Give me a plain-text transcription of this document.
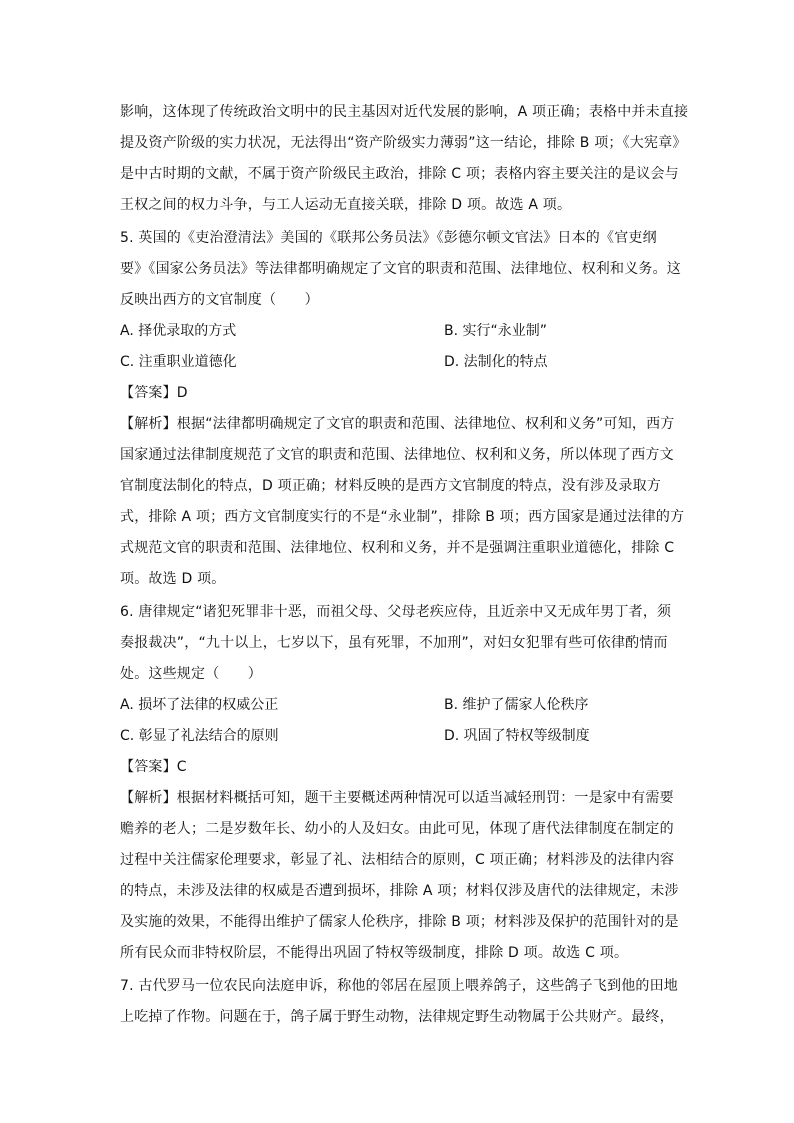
影响，这体现了传统政治文明中的民主基因对近代发展的影响，A 项正确；表格中并未直接
提及资产阶级的实力状况，无法得出“资产阶级实力薄弱”这一结论，排除 B 项；《大宪章》
是中古时期的文献，不属于资产阶级民主政治，排除 C 项；表格内容主要关注的是议会与
王权之间的权力斗争，与工人运动无直接关联，排除 D 项。故选 A 项。
5. 英国的《吏治澄清法》美国的《联邦公务员法》《彭德尔顿文官法》日本的《官吏纲
要》《国家公务员法》等法律都明确规定了文官的职责和范围、法律地位、权利和义务。这
反映出西方的文官制度（　　）
A. 择优录取的方式	B. 实行“永业制”
C. 注重职业道德化	D. 法制化的特点
【答案】D
【解析】根据“法律都明确规定了文官的职责和范围、法律地位、权利和义务”可知，西方
国家通过法律制度规范了文官的职责和范围、法律地位、权利和义务，所以体现了西方文
官制度法制化的特点，D 项正确；材料反映的是西方文官制度的特点，没有涉及录取方
式，排除 A 项；西方文官制度实行的不是“永业制”，排除 B 项；西方国家是通过法律的方
式规范文官的职责和范围、法律地位、权利和义务，并不是强调注重职业道德化，排除 C
项。故选 D 项。
6. 唐律规定“诸犯死罪非十恶，而祖父母、父母老疾应侍，且近亲中又无成年男丁者，须
奏报裁决”，“九十以上，七岁以下，虽有死罪，不加刑”，对妇女犯罪有些可依律酌情而
处。这些规定（　　）
A. 损坏了法律的权威公正	B. 维护了儒家人伦秩序
C. 彰显了礼法结合的原则	D. 巩固了特权等级制度
【答案】C
【解析】根据材料概括可知，题干主要概述两种情况可以适当减轻刑罚：一是家中有需要
赡养的老人；二是岁数年长、幼小的人及妇女。由此可见，体现了唐代法律制度在制定的
过程中关注儒家伦理要求，彰显了礼、法相结合的原则，C 项正确；材料涉及的法律内容
的特点，未涉及法律的权威是否遭到损坏，排除 A 项；材料仅涉及唐代的法律规定，未涉
及实施的效果，不能得出维护了儒家人伦秩序，排除 B 项；材料涉及保护的范围针对的是
所有民众而非特权阶层，不能得出巩固了特权等级制度，排除 D 项。故选 C 项。
7. 古代罗马一位农民向法庭申诉，称他的邻居在屋顶上喂养鸽子，这些鸽子飞到他的田地
上吃掉了作物。问题在于，鸽子属于野生动物，法律规定野生动物属于公共财产。最终，
